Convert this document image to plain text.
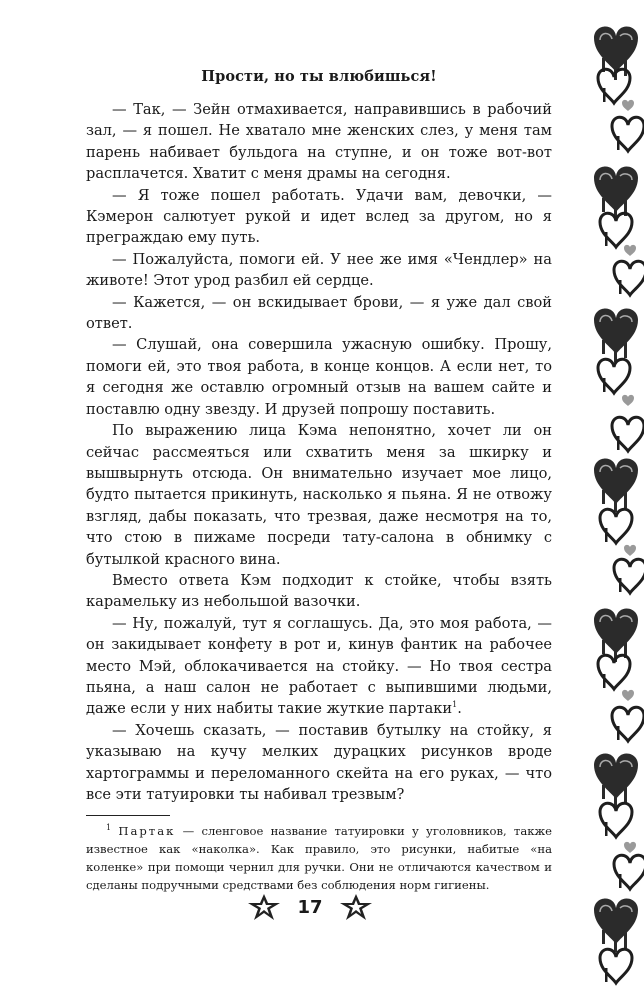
Прости, но ты влюбишься!

— Так, — Зейн отмахивается, направившись в рабочий зал, — я пошел. Не хватало мне женских слез, у меня там парень набивает бульдога на ступне, и он тоже вот-вот расплачется. Хватит с меня драмы на сегодня.

— Я тоже пошел работать. Удачи вам, девочки, — Кэмерон салютует рукой и идет вслед за другом, но я преграждаю ему путь.

— Пожалуйста, помоги ей. У нее же имя «Чендлер» на животе! Этот урод разбил ей сердце.

— Кажется, — он вскидывает брови, — я уже дал свой ответ.

— Слушай, она совершила ужасную ошибку. Прошу, помоги ей, это твоя работа, в конце концов. А если нет, то я сегодня же оставлю огромный отзыв на вашем сайте и поставлю одну звезду. И друзей попрошу поставить.

По выражению лица Кэма непонятно, хочет ли он сейчас рассмеяться или схватить меня за шкирку и вышвырнуть отсюда. Он внимательно изучает мое лицо, будто пытается прикинуть, насколько я пьяна. Я не отвожу взгляд, дабы показать, что трезвая, даже несмотря на то, что стою в пижаме посреди тату-салона в обнимку с бутылкой красного вина.

Вместо ответа Кэм подходит к стойке, чтобы взять карамельку из небольшой вазочки.

— Ну, пожалуй, тут я соглашусь. Да, это моя работа, — он закидывает конфету в рот и, кинув фантик на рабочее место Мэй, облокачивается на стойку. — Но твоя сестра пьяна, а наш салон не работает с выпившими людьми, даже если у них набиты такие жуткие партаки$^1$.

— Хочешь сказать, — поставив бутылку на стойку, я указываю на кучу мелких дурацких рисунков вроде хартограммы и переломанного скейта на его руках, — что все эти татуировки ты набивал трезвым?

$^1$ Партак — сленговое название татуировки у уголовников, также известное как «наколка». Как правило, это рисунки, набитые «на коленке» при помощи чернил для ручки. Они не отличаются качеством и сделаны подручными средствами без соблюдения норм гигиены.

17
